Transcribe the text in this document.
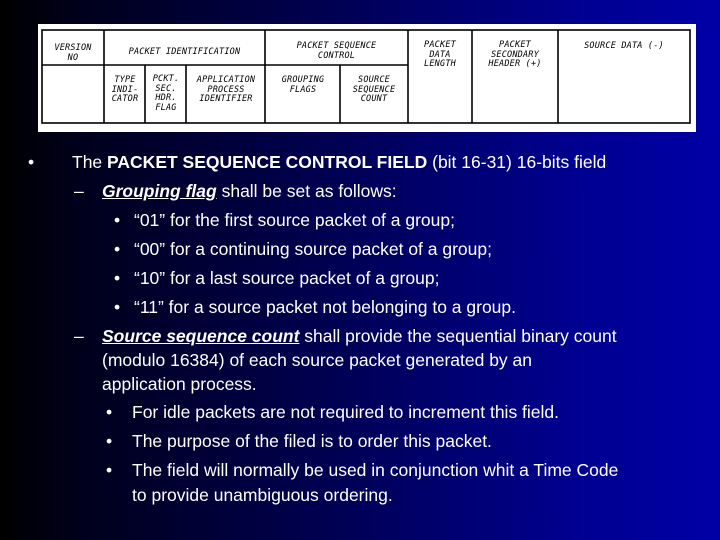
VERSION
NO
PACKET IDENTIFICATION
PACKET SEQUENCE
CONTROL
PACKET
DATA
LENGTH
PACKET
SECONDARY
HEADER (+)
SOURCE DATA (-)
TYPE
INDI-
CATOR
PCKT.
SEC.
HDR.
FLAG
APPLICATION
PROCESS
IDENTIFIER
GROUPING
FLAGS
SOURCE
SEQUENCE
COUNT
• The PACKET SEQUENCE CONTROL FIELD (bit 16-31) 16-bits field
– Grouping flag shall be set as follows:
• “01” for the first source packet of a group;
• “00” for a continuing source packet of a group;
• “10” for a last source packet of a group;
• “11” for a source packet not belonging to a group.
– Source sequence count shall provide the sequential binary count
(modulo 16384) of each source packet generated by an
application process.
• For idle packets are not required to increment this field.
• The purpose of the filed is to order this packet.
• The field will normally be used in conjunction whit a Time Code
to provide unambiguous ordering.
